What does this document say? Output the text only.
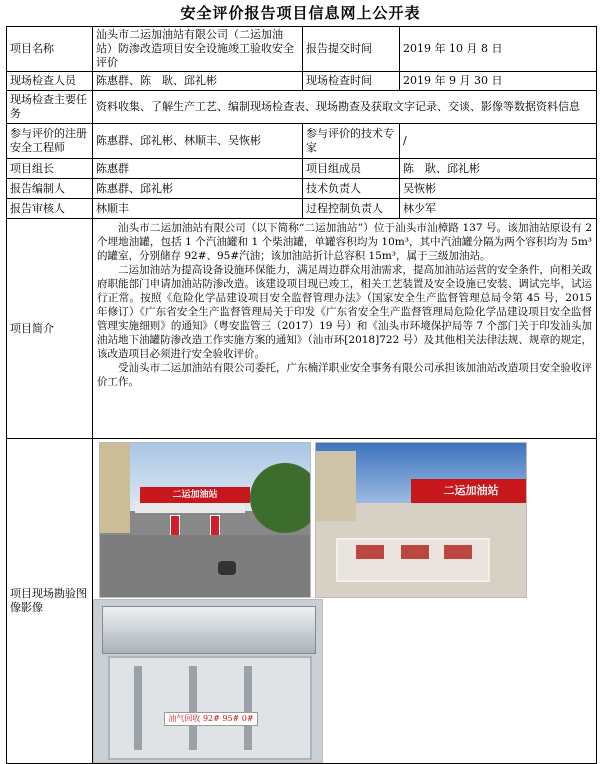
安全评价报告项目信息网上公开表
项目名称	汕头市二运加油站有限公司（二运加油站）防渗改造项目安全设施竣工验收安全评价	报告提交时间	2019 年 10 月 8 日
现场检查人员	陈惠群、陈　耿、邱礼彬	现场检查时间	2019 年 9 月 30 日
现场检查主要任务	资料收集、了解生产工艺、编制现场检查表、现场勘查及获取文字记录、交谈、影像等数据资料信息		
参与评价的注册安全工程师	陈惠群、邱礼彬、林顺丰、吴恢彬	参与评价的技术专家	/
项目组长	陈惠群	项目组成员	陈　耿、邱礼彬
报告编制人	陈惠群、邱礼彬	技术负责人	吴恢彬
报告审核人	林顺丰	过程控制负责人	林少军
项目简介	汕头市二运加油站有限公司（以下简称“二运加油站”）位于汕头市汕樟路 137 号。该加油站原设有 2 个埋地油罐，包括 1 个汽油罐和 1 个柴油罐，单罐容积均为 10m³，其中汽油罐分隔为两个容积均为 5m³的罐室，分别储存 92#、95#汽油；该加油站折计总容积 15m³，属于三级加油站。

二运加油站为提高设备设施环保能力，满足周边群众用油需求，提高加油站运营的安全条件，向相关政府职能部门申请加油站防渗改造。该建设项目现已竣工，相关工艺装置及安全设施已安装、调试完毕，试运行正常。按照《危险化学品建设项目安全监督管理办法》（国家安全生产监督管理总局令第 45 号，2015 年修订）《广东省安全生产监督管理局关于印发《广东省安全生产监督管理局危险化学品建设项目安全监督管理实施细则》的通知》（粤安监管三（2017）19 号）和《汕头市环境保护局等 7 个部门关于印发汕头加油站地下油罐防渗改造工作实施方案的通知》（汕市环[2018]722 号）及其他相关法律法规、规章的规定，该改造项目必须进行安全验收评价。

受汕头市二运加油站有限公司委托，广东楠洋职业安全事务有限公司承担该加油站改造项目安全验收评价工作。		

项目现场勘验图像影像	二运加油站 二运加油站
油气回收 92# 95# 0#		
